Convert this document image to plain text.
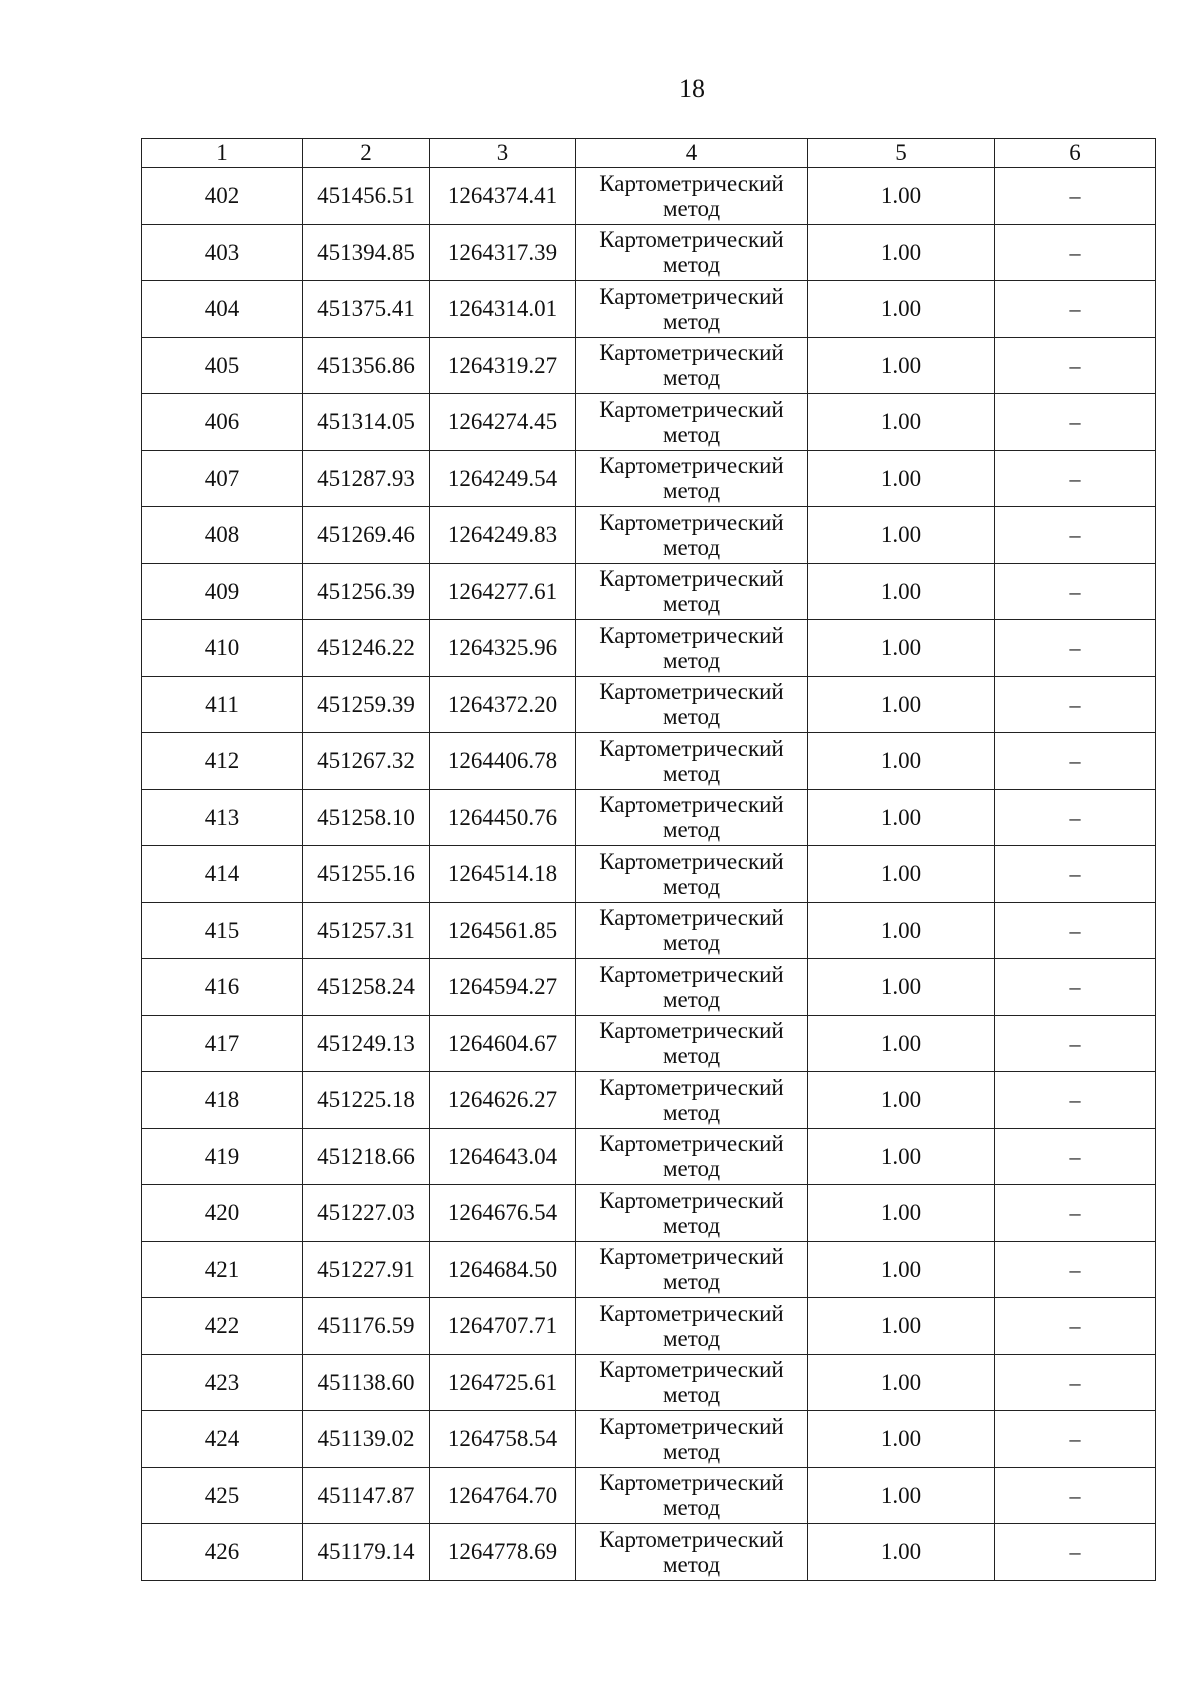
18
1	2	3	4	5	6
402	451456.51	1264374.41	Картометрический метод	1.00	–
403	451394.85	1264317.39	Картометрический метод	1.00	–
404	451375.41	1264314.01	Картометрический метод	1.00	–
405	451356.86	1264319.27	Картометрический метод	1.00	–
406	451314.05	1264274.45	Картометрический метод	1.00	–
407	451287.93	1264249.54	Картометрический метод	1.00	–
408	451269.46	1264249.83	Картометрический метод	1.00	–
409	451256.39	1264277.61	Картометрический метод	1.00	–
410	451246.22	1264325.96	Картометрический метод	1.00	–
411	451259.39	1264372.20	Картометрический метод	1.00	–
412	451267.32	1264406.78	Картометрический метод	1.00	–
413	451258.10	1264450.76	Картометрический метод	1.00	–
414	451255.16	1264514.18	Картометрический метод	1.00	–
415	451257.31	1264561.85	Картометрический метод	1.00	–
416	451258.24	1264594.27	Картометрический метод	1.00	–
417	451249.13	1264604.67	Картометрический метод	1.00	–
418	451225.18	1264626.27	Картометрический метод	1.00	–
419	451218.66	1264643.04	Картометрический метод	1.00	–
420	451227.03	1264676.54	Картометрический метод	1.00	–
421	451227.91	1264684.50	Картометрический метод	1.00	–
422	451176.59	1264707.71	Картометрический метод	1.00	–
423	451138.60	1264725.61	Картометрический метод	1.00	–
424	451139.02	1264758.54	Картометрический метод	1.00	–
425	451147.87	1264764.70	Картометрический метод	1.00	–
426	451179.14	1264778.69	Картометрический метод	1.00	–
